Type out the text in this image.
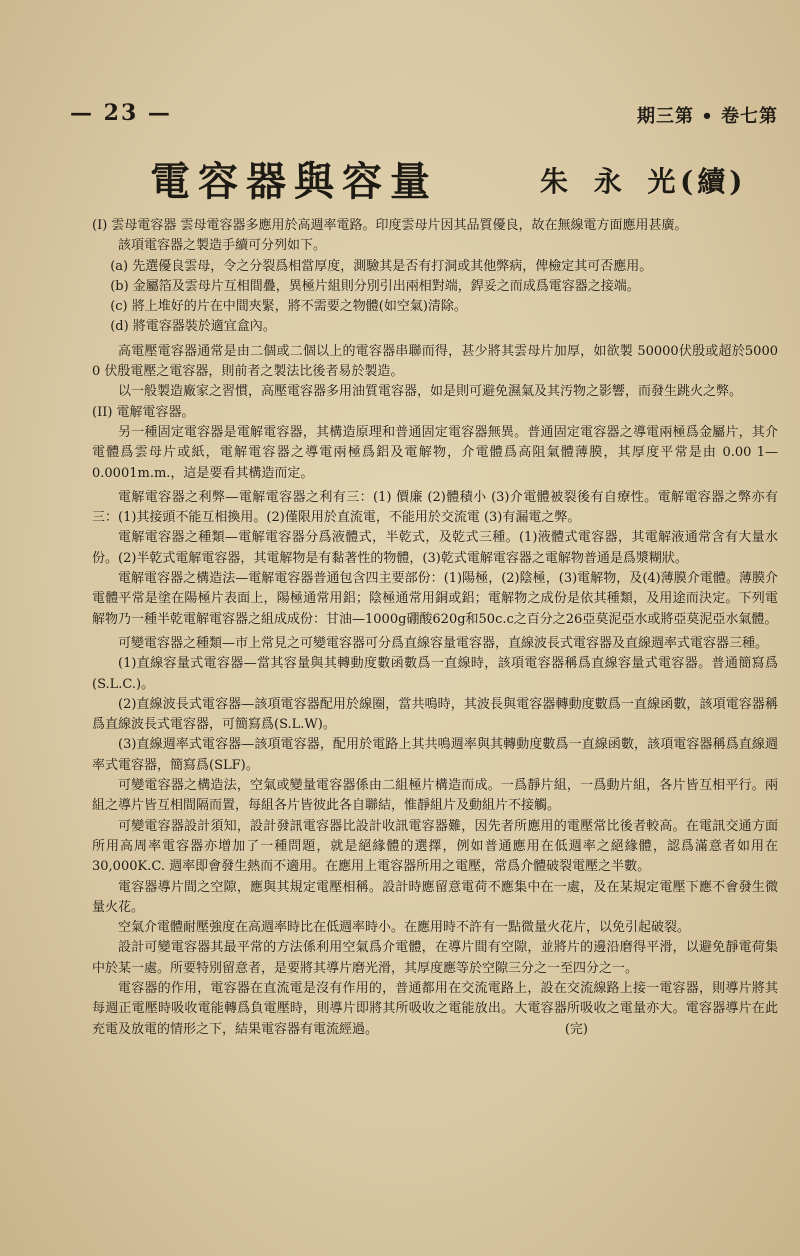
— 23 —	期三第 • 卷七第
電容器與容量	朱 永 光
(續)

(I) 雲母電容器 雲母電容器多應用於高週率電路。印度雲母片因其品質優良，故在無線電方面應用甚廣。

該項電容器之製造手續可分列如下。

(a) 先選優良雲母，令之分裂爲相當厚度，測驗其是否有打洞或其他弊病，俾檢定其可否應用。

(b) 金屬箔及雲母片互相間疊，異極片組則分別引出兩相對端，銲妥之而成爲電容器之接端。

(c) 將上堆好的片在中間夾緊，將不需要之物體(如空氣)清除。

(d) 將電容器裝於適宜盒內。

高電壓電容器通常是由二個或二個以上的電容器串聯而得，甚少將其雲母片加厚，如欲製 50000伏殷或超於5000 0 伏殷電壓之電容器，則前者之製法比後者易於製造。

以一般製造廠家之習慣，高壓電容器多用油質電容器，如是則可避免濕氣及其汚物之影響，而發生跳火之弊。

(II) 電解電容器。

另一種固定電容器是電解電容器，其構造原理和普通固定電容器無異。普通固定電容器之導電兩極爲金屬片，其介電體爲雲母片或紙，電解電容器之導電兩極爲鋁及電解物，介電體爲高阻氣體薄膜，其厚度平常是由 0.00 1—0.0001m.m.，這是要看其構造而定。

電解電容器之利弊—電解電容器之利有三：(1) 價廉 (2)體積小 (3)介電體被裂後有自療性。電解電容器之弊亦有三：(1)其接頭不能互相換用。(2)僅限用於直流電，不能用於交流電 (3)有漏電之弊。

電解電容器之種類—電解電容器分爲液體式，半乾式，及乾式三種。(1)液體式電容器，其電解液通常含有大量水份。(2)半乾式電解電容器，其電解物是有黏著性的物體，(3)乾式電解電容器之電解物普通是爲漿糊狀。

電解電容器之構造法—電解電容器普通包含四主要部份：(1)陽極，(2)陰極，(3)電解物，及(4)薄膜介電體。薄膜介電體平常是塗在陽極片表面上，陽極通常用鋁；陰極通常用銅或鋁；電解物之成份是依其種類，及用途而決定。下列電解物乃一種半乾電解電容器之組成成份：甘油—1000g硼酸620g和50c.c之百分之26亞莫泥亞水或將亞莫泥亞水氣體。

可變電容器之種類—市上常見之可變電容器可分爲直線容量電容器，直線波長式電容器及直線週率式電容器三種。

(1)直線容量式電容器—當其容量與其轉動度數函數爲一直線時，該項電容器稱爲直線容量式電容器。普通簡寫爲(S.L.C.)。

(2)直線波長式電容器—該項電容器配用於線圈，當共鳴時，其波長與電容器轉動度數爲一直線函數，該項電容器稱爲直線波長式電容器，可簡寫爲(S.L.W)。

(3)直線週率式電容器—該項電容器，配用於電路上其共鳴週率與其轉動度數爲一直線函數，該項電容器稱爲直線週率式電容器，簡寫爲(SLF)。

可變電容器之構造法，空氣或變量電容器係由二組極片構造而成。一爲靜片組，一爲動片組，各片皆互相平行。兩組之導片皆互相間隔而置，每組各片皆彼此各自聯結，惟靜組片及動組片不接觸。

可變電容器設計須知，設計發訊電容器比設計收訊電容器難，因先者所應用的電壓常比後者較高。在電訊交通方面所用高周率電容器亦增加了一種問題，就是絕緣體的選擇，例如普通應用在低週率之絕緣體，認爲滿意者如用在30,000K.C. 週率即會發生熱而不適用。在應用上電容器所用之電壓，常爲介體破裂電壓之半數。

電容器導片間之空隙，應與其規定電壓相稱。設計時應留意電荷不應集中在一處，及在某規定電壓下應不會發生微量火花。

空氣介電體耐壓強度在高週率時比在低週率時小。在應用時不許有一點微量火花片，以免引起破裂。

設計可變電容器其最平常的方法係利用空氣爲介電體，在導片間有空隙，並將片的邊沿磨得平滑，以避免靜電荷集中於某一處。所要特別留意者，是要將其導片磨光滑，其厚度應等於空隙三分之一至四分之一。

電容器的作用，電容器在直流電是沒有作用的，普通都用在交流電路上，設在交流線路上接一電容器，則導片將其每週正電壓時吸收電能轉爲負電壓時，則導片即將其所吸收之電能放出。大電容器所吸收之電量亦大。電容器導片在此充電及放電的情形之下，結果電容器有電流經過。	(完)
